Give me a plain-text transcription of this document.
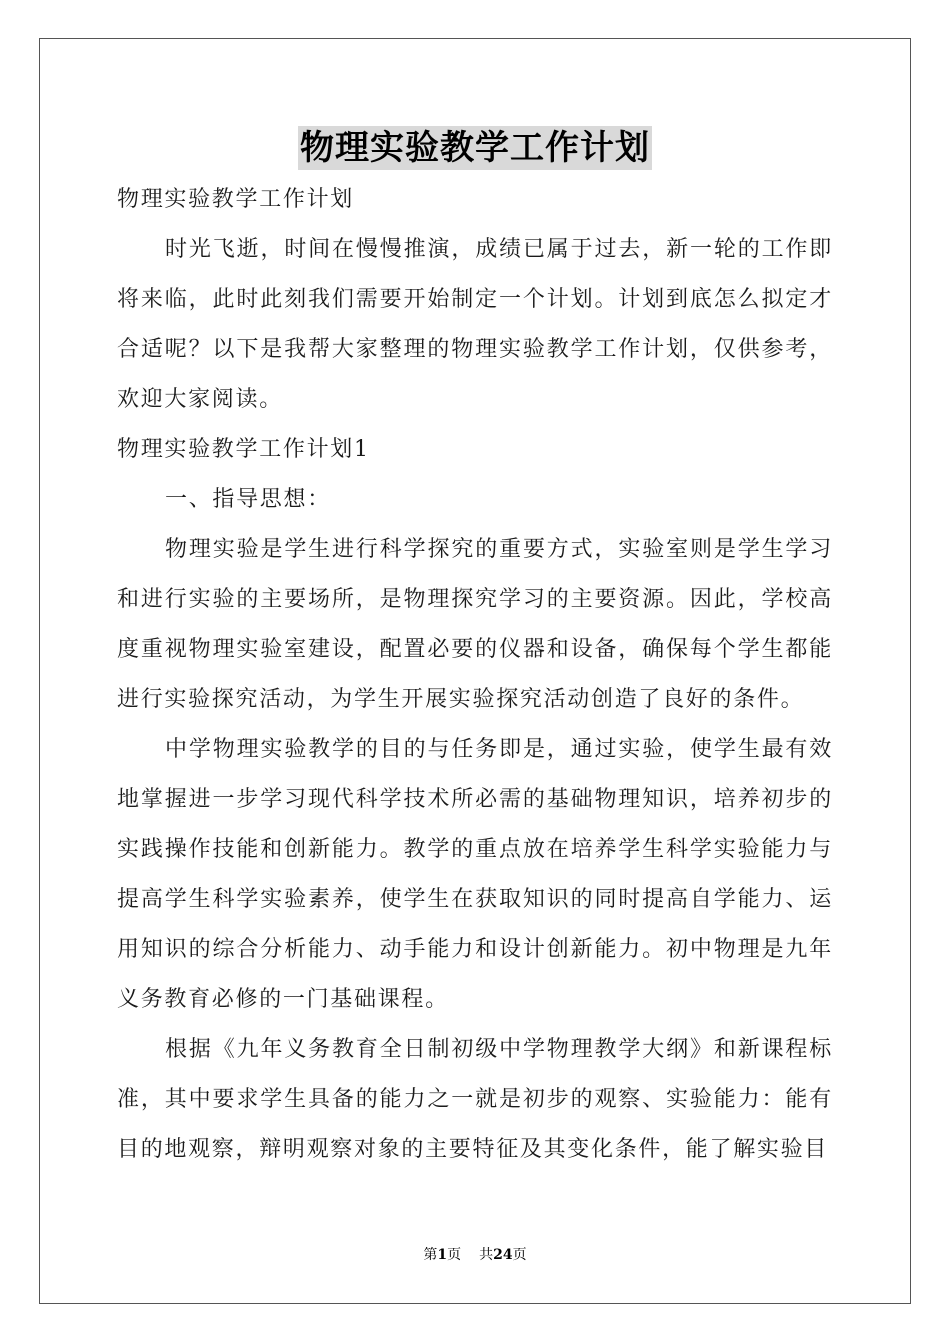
物理实验教学工作计划

物理实验教学工作计划

时光飞逝，时间在慢慢推演，成绩已属于过去，新一轮的工作即将来临，此时此刻我们需要开始制定一个计划。计划到底怎么拟定才合适呢？以下是我帮大家整理的物理实验教学工作计划，仅供参考，欢迎大家阅读。

物理实验教学工作计划1

一、指导思想：

物理实验是学生进行科学探究的重要方式，实验室则是学生学习和进行实验的主要场所，是物理探究学习的主要资源。因此，学校高度重视物理实验室建设，配置必要的仪器和设备，确保每个学生都能进行实验探究活动，为学生开展实验探究活动创造了良好的条件。

中学物理实验教学的目的与任务即是，通过实验，使学生最有效地掌握进一步学习现代科学技术所必需的基础物理知识，培养初步的实践操作技能和创新能力。教学的重点放在培养学生科学实验能力与提高学生科学实验素养，使学生在获取知识的同时提高自学能力、运用知识的综合分析能力、动手能力和设计创新能力。初中物理是九年义务教育必修的一门基础课程。

根据《九年义务教育全日制初级中学物理教学大纲》和新课程标准，其中要求学生具备的能力之一就是初步的观察、实验能力：能有目的地观察，辩明观察对象的主要特征及其变化条件，能了解实验目

第1页 共24页
